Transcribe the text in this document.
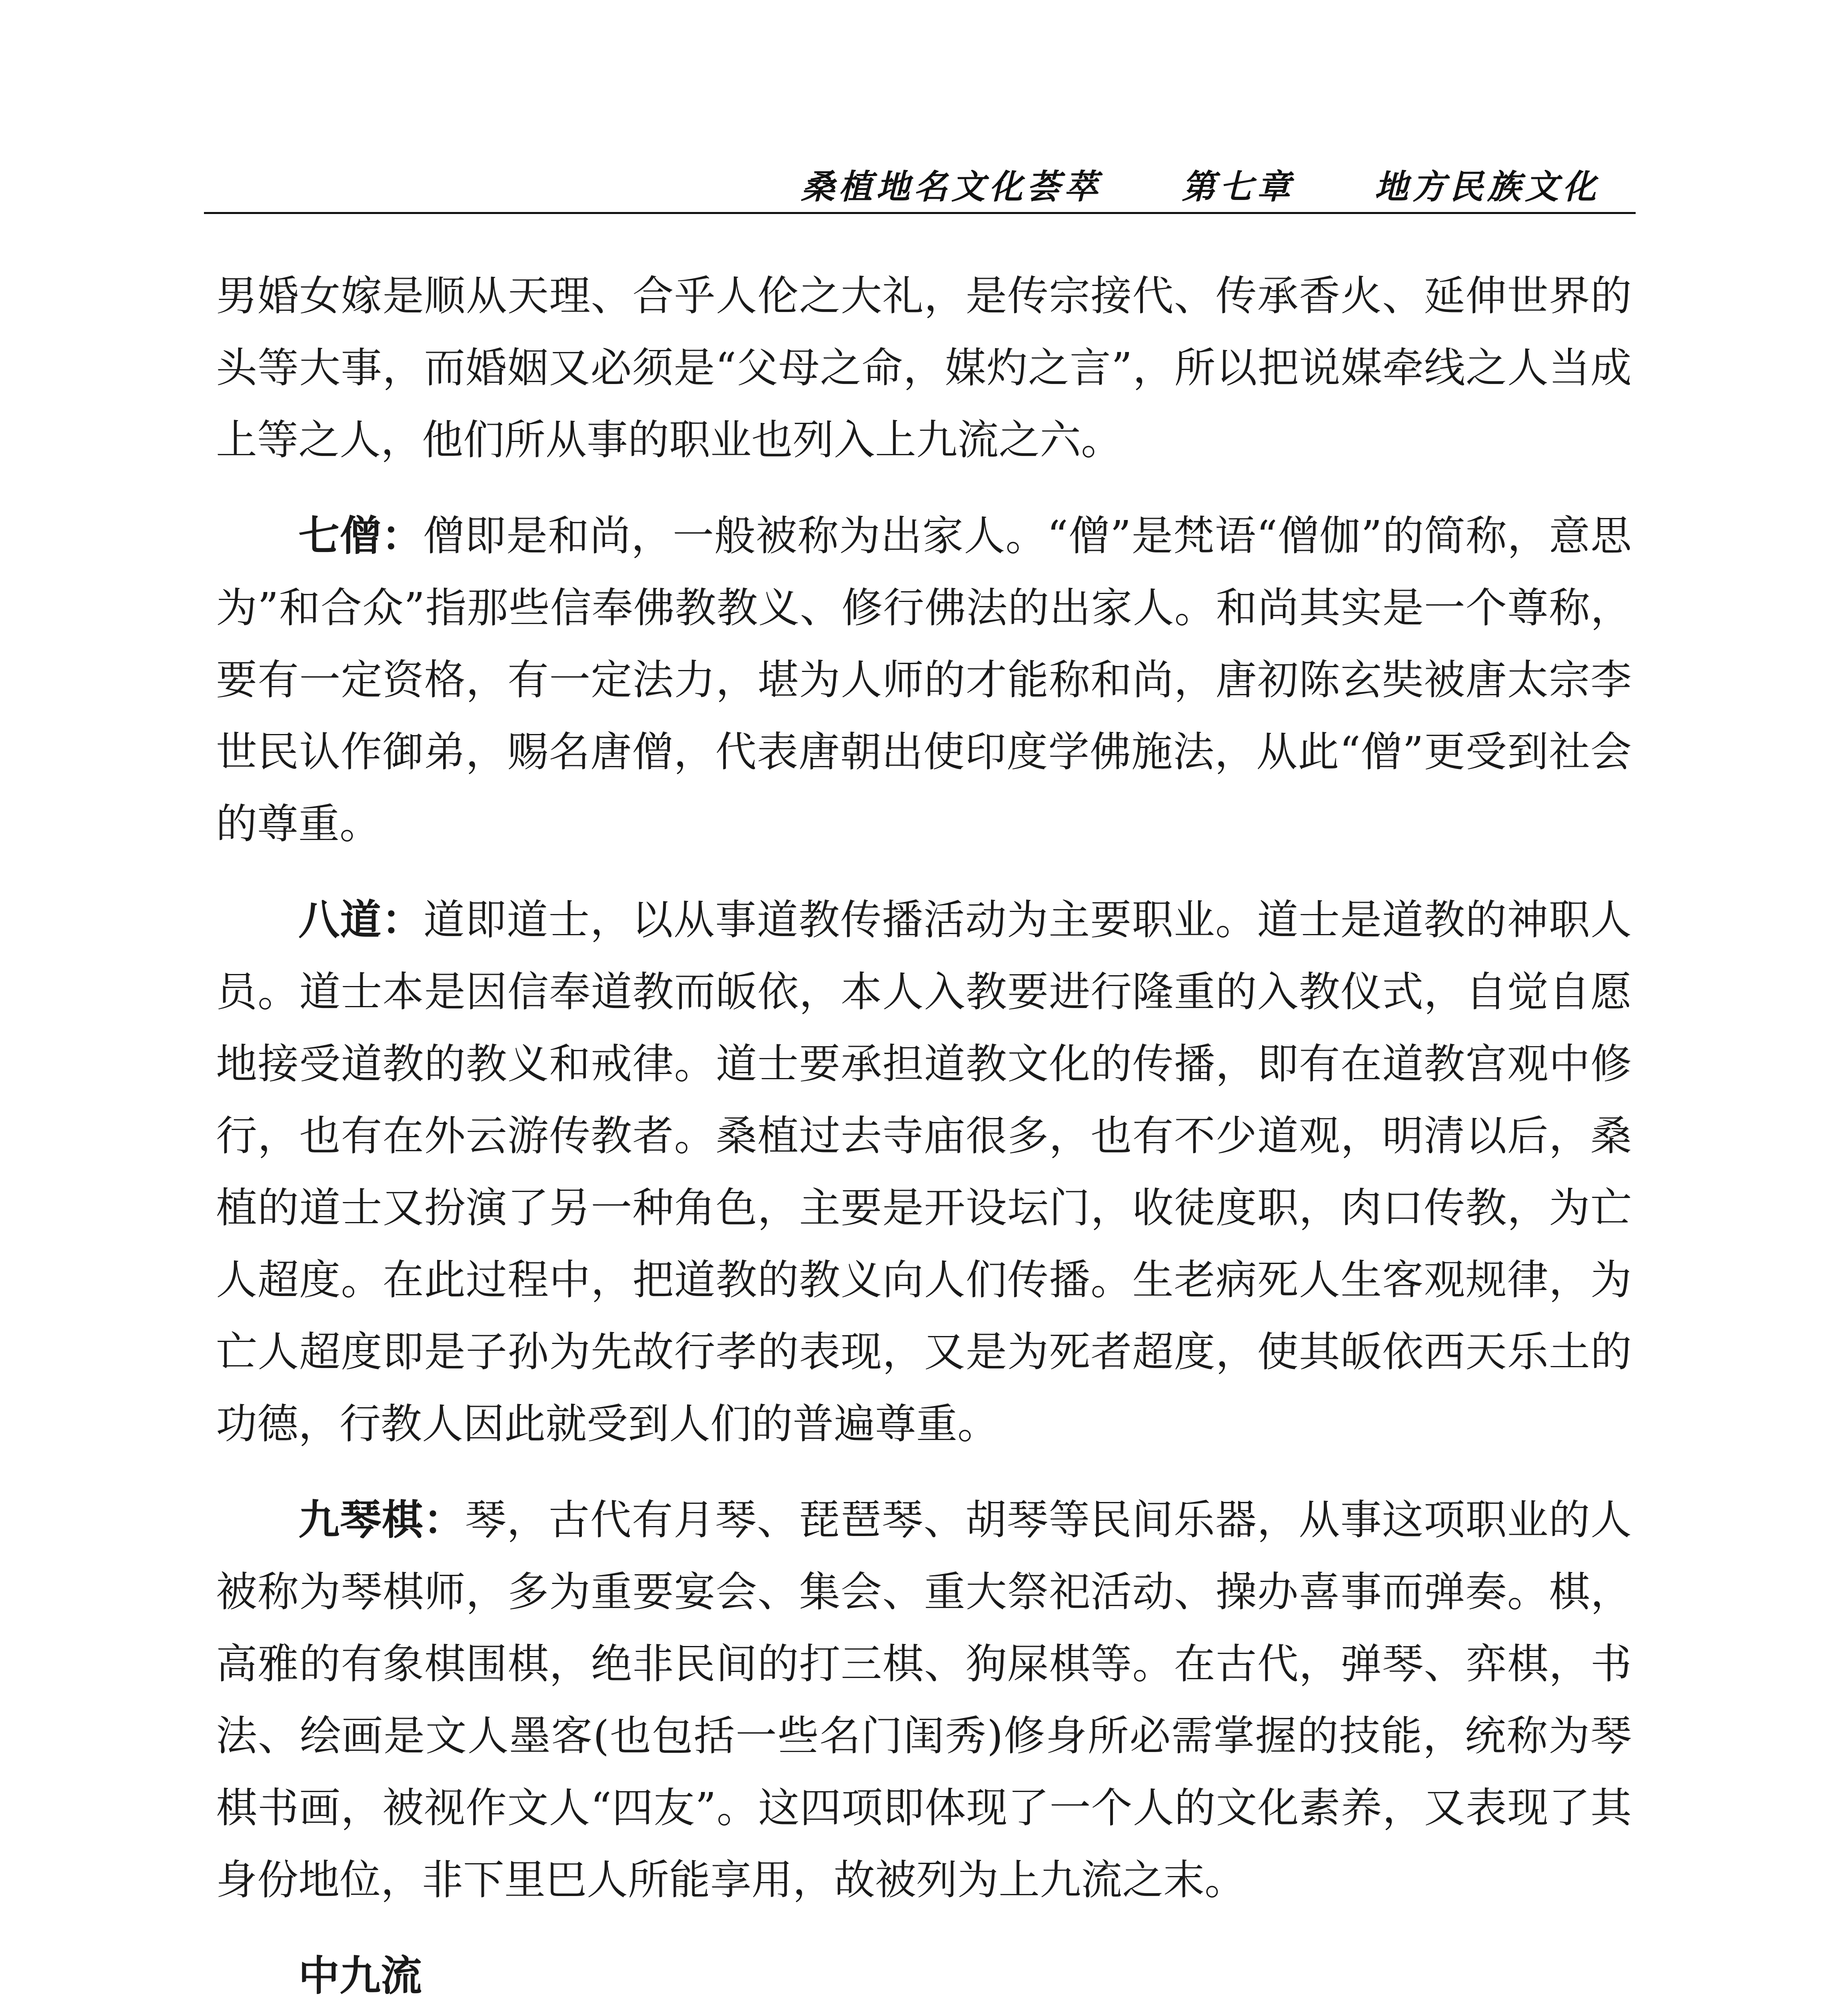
桑植地名文化荟萃 第七章 地方民族文化

男婚女嫁是顺从天理、合乎人伦之大礼，是传宗接代、传承香火、延伸世界的头等大事，而婚姻又必须是“父母之命，媒灼之言”，所以把说媒牵线之人当成上等之人，他们所从事的职业也列入上九流之六。

七僧：僧即是和尚，一般被称为出家人。“僧”是梵语“僧伽”的简称，意思为”和合众”指那些信奉佛教教义、修行佛法的出家人。和尚其实是一个尊称，要有一定资格，有一定法力，堪为人师的才能称和尚，唐初陈玄奘被唐太宗李世民认作御弟，赐名唐僧，代表唐朝出使印度学佛施法，从此“僧”更受到社会的尊重。

八道：道即道士，以从事道教传播活动为主要职业。道士是道教的神职人员。道士本是因信奉道教而皈依，本人入教要进行隆重的入教仪式，自觉自愿地接受道教的教义和戒律。道士要承担道教文化的传播，即有在道教宫观中修行，也有在外云游传教者。桑植过去寺庙很多，也有不少道观，明清以后，桑植的道士又扮演了另一种角色，主要是开设坛门，收徒度职，肉口传教，为亡人超度。在此过程中，把道教的教义向人们传播。生老病死人生客观规律，为亡人超度即是子孙为先故行孝的表现，又是为死者超度，使其皈依西天乐土的功德，行教人因此就受到人们的普遍尊重。

九琴棋：琴，古代有月琴、琵琶琴、胡琴等民间乐器，从事这项职业的人被称为琴棋师，多为重要宴会、集会、重大祭祀活动、操办喜事而弹奏。棋，高雅的有象棋围棋，绝非民间的打三棋、狗屎棋等。在古代，弹琴、弈棋，书法、绘画是文人墨客(也包括一些名门闺秀)修身所必需掌握的技能，统称为琴棋书画，被视作文人“四友”。这四项即体现了一个人的文化素养，又表现了其身份地位，非下里巴人所能享用，故被列为上九流之末。

中九流
